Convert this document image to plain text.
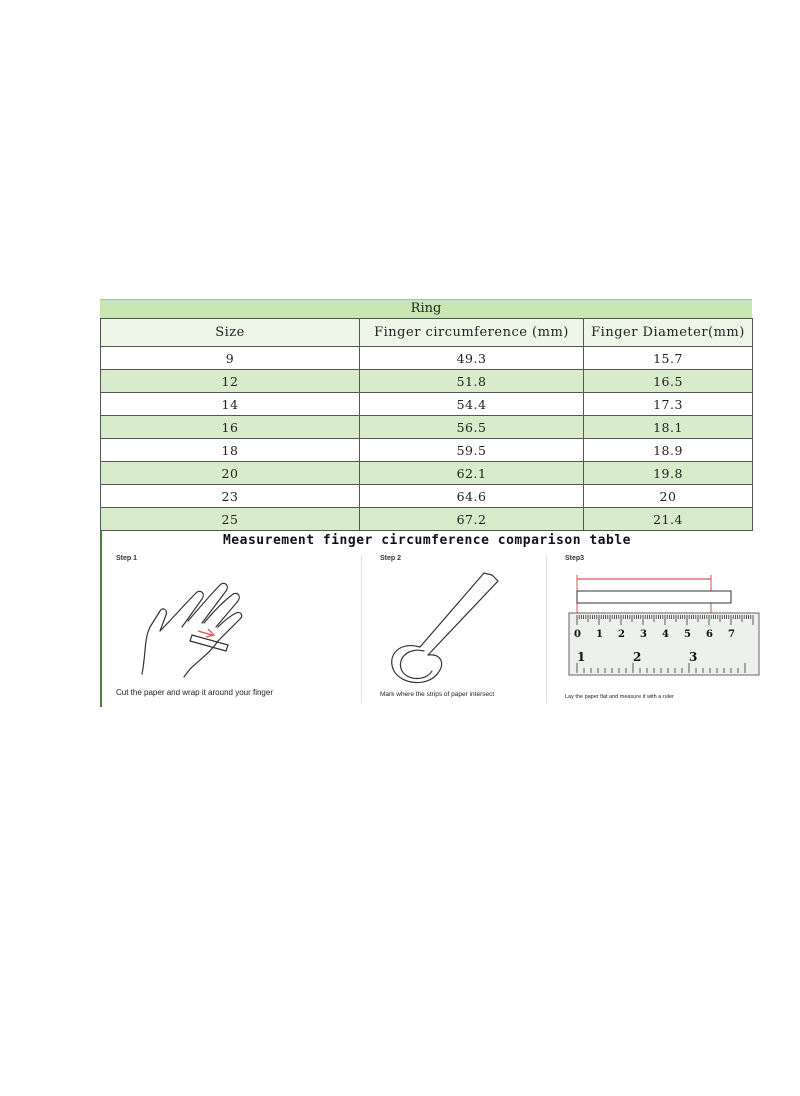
Ring
Size	Finger circumference (mm)	Finger Diameter(mm)
9	49.3	15.7
12	51.8	16.5
14	54.4	17.3
16	56.5	18.1
18	59.5	18.9
20	62.1	19.8
23	64.6	20
25	67.2	21.4
Measurement finger circumference comparison table
Step 1
Cut the paper and wrap it around your finger
Step 2
Mark where the strips of paper intersect
Step3
0 1 2 3 4 5 6 7
1	2	3
Lay the paper flat and measure it with a ruler
